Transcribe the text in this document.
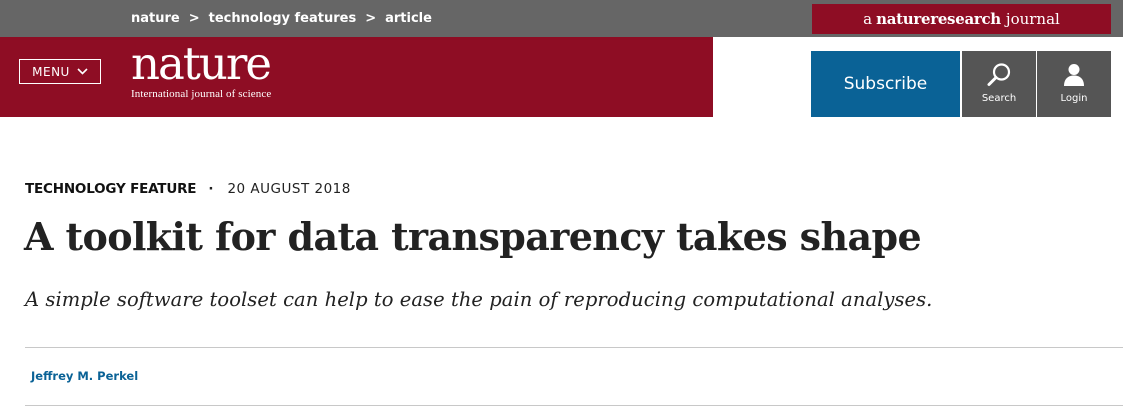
nature > technology features > article	a natureresearch journal
MENU nature
International journal of science	Subscribe
Search	Login
TECHNOLOGY FEATURE · 20 AUGUST 2018
A toolkit for data transparency takes shape

A simple software toolset can help to ease the pain of reproducing computational analyses.

Jeffrey M. Perkel
